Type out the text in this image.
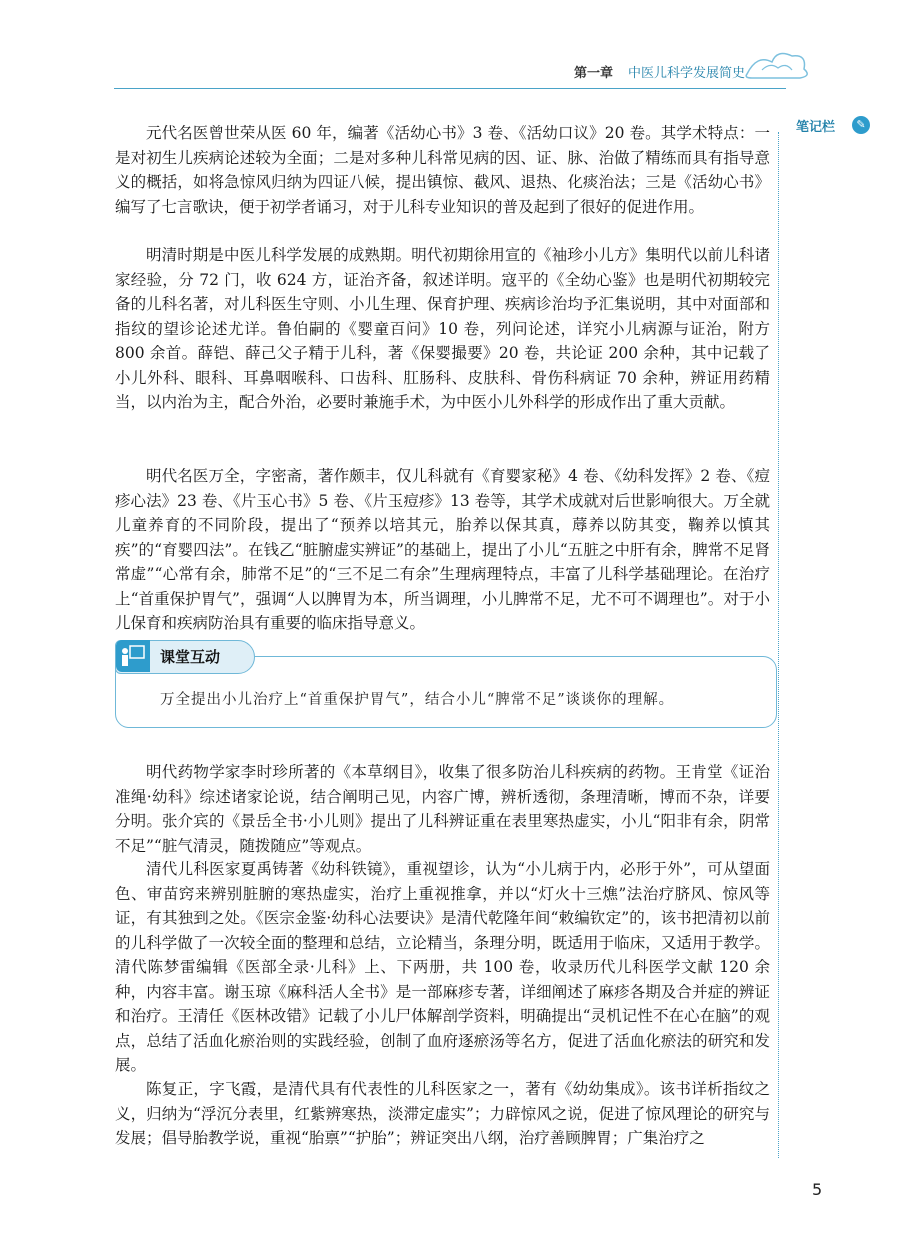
第一章 中医儿科学发展简史
笔记栏	✎

元代名医曾世荣从医 60 年，编著《活幼心书》3 卷、《活幼口议》20 卷。其学术特点：一是对初生儿疾病论述较为全面；二是对多种儿科常见病的因、证、脉、治做了精练而具有指导意义的概括，如将急惊风归纳为四证八候，提出镇惊、截风、退热、化痰治法；三是《活幼心书》编写了七言歌诀，便于初学者诵习，对于儿科专业知识的普及起到了很好的促进作用。

明清时期是中医儿科学发展的成熟期。明代初期徐用宣的《袖珍小儿方》集明代以前儿科诸家经验，分 72 门，收 624 方，证治齐备，叙述详明。寇平的《全幼心鉴》也是明代初期较完备的儿科名著，对儿科医生守则、小儿生理、保育护理、疾病诊治均予汇集说明，其中对面部和指纹的望诊论述尤详。鲁伯嗣的《婴童百问》10 卷，列问论述，详究小儿病源与证治，附方 800 余首。薛铠、薛己父子精于儿科，著《保婴撮要》20 卷，共论证 200 余种，其中记载了小儿外科、眼科、耳鼻咽喉科、口齿科、肛肠科、皮肤科、骨伤科病证 70 余种，辨证用药精当，以内治为主，配合外治，必要时兼施手术，为中医小儿外科学的形成作出了重大贡献。

明代名医万全，字密斋，著作颇丰，仅儿科就有《育婴家秘》4 卷、《幼科发挥》2 卷、《痘疹心法》23 卷、《片玉心书》5 卷、《片玉痘疹》13 卷等，其学术成就对后世影响很大。万全就儿童养育的不同阶段，提出了“预养以培其元，胎养以保其真，蓐养以防其变，鞠养以慎其疾”的“育婴四法”。在钱乙“脏腑虚实辨证”的基础上，提出了小儿“五脏之中肝有余，脾常不足肾常虚”“心常有余，肺常不足”的“三不足二有余”生理病理特点，丰富了儿科学基础理论。在治疗上“首重保护胃气”，强调“人以脾胃为本，所当调理，小儿脾常不足，尤不可不调理也”。对于小儿保育和疾病防治具有重要的临床指导意义。

课堂互动
万全提出小儿治疗上“首重保护胃气”，结合小儿“脾常不足”谈谈你的理解。

明代药物学家李时珍所著的《本草纲目》，收集了很多防治儿科疾病的药物。王肯堂《证治准绳·幼科》综述诸家论说，结合阐明己见，内容广博，辨析透彻，条理清晰，博而不杂，详要分明。张介宾的《景岳全书·小儿则》提出了儿科辨证重在表里寒热虚实，小儿“阳非有余，阴常不足”“脏气清灵，随拨随应”等观点。

清代儿科医家夏禹铸著《幼科铁镜》，重视望诊，认为“小儿病于内，必形于外”，可从望面色、审苗窍来辨别脏腑的寒热虚实，治疗上重视推拿，并以“灯火十三燋”法治疗脐风、惊风等证，有其独到之处。《医宗金鉴·幼科心法要诀》是清代乾隆年间“敕编钦定”的，该书把清初以前的儿科学做了一次较全面的整理和总结，立论精当，条理分明，既适用于临床，又适用于教学。清代陈梦雷编辑《医部全录·儿科》上、下两册，共 100 卷，收录历代儿科医学文献 120 余种，内容丰富。谢玉琼《麻科活人全书》是一部麻疹专著，详细阐述了麻疹各期及合并症的辨证和治疗。王清任《医林改错》记载了小儿尸体解剖学资料，明确提出“灵机记性不在心在脑”的观点，总结了活血化瘀治则的实践经验，创制了血府逐瘀汤等名方，促进了活血化瘀法的研究和发展。

陈复正，字飞霞，是清代具有代表性的儿科医家之一，著有《幼幼集成》。该书详析指纹之义，归纳为“浮沉分表里，红紫辨寒热，淡滞定虚实”；力辟惊风之说，促进了惊风理论的研究与发展；倡导胎教学说，重视“胎禀”“护胎”；辨证突出八纲，治疗善顾脾胃；广集治疗之

5
